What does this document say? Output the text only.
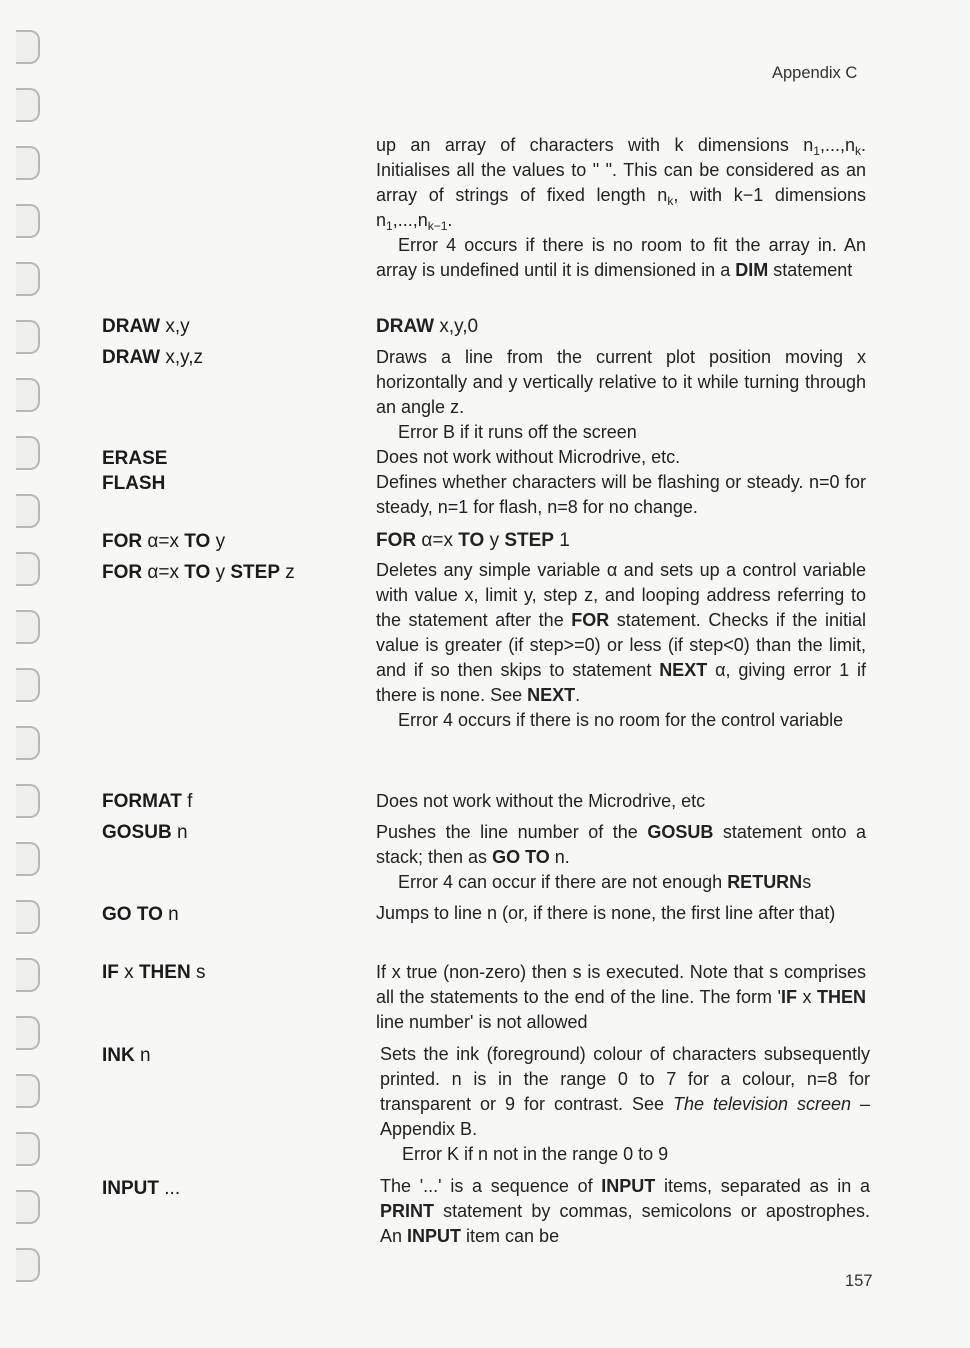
Appendix C
DRAW x,y
DRAW x,y,z
ERASE
FLASH
FOR α=x TO y
FOR α=x TO y STEP z
FORMAT f
GOSUB n
GO TO n
IF x THEN s
INK n
INPUT ...

up an array of characters with k dimensions $n_1,...,n_k$. Initialises all the values to " ". This can be considered as an array of strings of fixed length $n_k$, with k−1 dimensions $n_1,...,n_{k-1}$.

Error 4 occurs if there is no room to fit the array in. An array is undefined until it is dimensioned in a DIM statement

DRAW x,y,0

Draws a line from the current plot position moving x horizontally and y vertically relative to it while turning through an angle z.

Error B if it runs off the screen

Does not work without Microdrive, etc.

Defines whether characters will be flashing or steady. n=0 for steady, n=1 for flash, n=8 for no change.

FOR α=x TO y STEP 1

Deletes any simple variable α and sets up a control variable with value x, limit y, step z, and looping address referring to the statement after the FOR statement. Checks if the initial value is greater (if step>=0) or less (if step<0) than the limit, and if so then skips to statement NEXT α, giving error 1 if there is none. See NEXT.

Error 4 occurs if there is no room for the control variable

Does not work without the Microdrive, etc

Pushes the line number of the GOSUB statement onto a stack; then as GO TO n.

Error 4 can occur if there are not enough RETURNs

Jumps to line n (or, if there is none, the first line after that)

If x true (non-zero) then s is executed. Note that s comprises all the statements to the end of the line. The form 'IF x THEN line number' is not allowed

Sets the ink (foreground) colour of characters subsequently printed. n is in the range 0 to 7 for a colour, n=8 for transparent or 9 for contrast. See The television screen – Appendix B.

Error K if n not in the range 0 to 9

The '...' is a sequence of INPUT items, separated as in a PRINT statement by commas, semicolons or apostrophes. An INPUT item can be

157
